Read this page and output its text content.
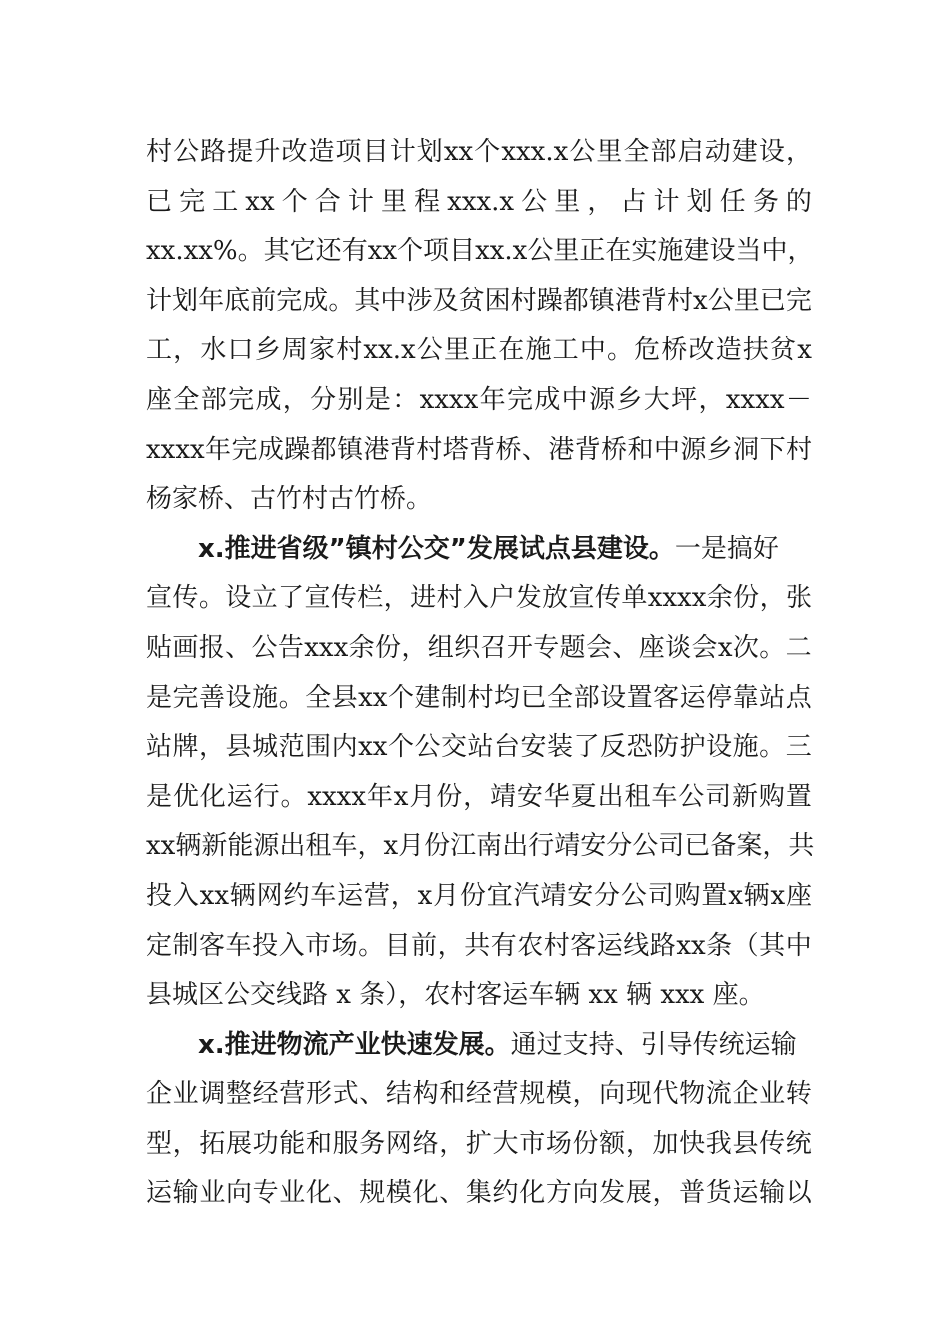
村 公 路 提 升 改 造 项 目 计 划 xx 个 xxx.x 公 里 全 部 启 动 建 设 ，
已 完 工 xx 个 合 计 里 程 xxx.x 公 里 ， 占 计 划 任 务 的
xx.xx% 。 其 它 还 有 xx 个 项 目 xx.x 公 里 正 在 实 施 建 设 当 中 ，
计 划 年 底 前 完 成 。 其 中 涉 及 贫 困 村 躁 都 镇 港 背 村 x 公 里 已 完
工 ， 水 口 乡 周 家 村 xx.x 公 里 正 在 施 工 中 。 危 桥 改 造 扶 贫 x
座 全 部 完 成 ， 分 别 是 ： xxxx 年 完 成 中 源 乡 大 坪 ， xxxx －
xxxx 年 完 成 躁 都 镇 港 背 村 塔 背 桥 、 港 背 桥 和 中 源 乡 洞 下 村
杨家桥、古竹村古竹桥。
x.推进省级”镇村公交”发展试点县建设。 一是搞好
宣 传 。 设 立 了 宣 传 栏 ， 进 村 入 户 发 放 宣 传 单 xxxx 余 份 ， 张
贴 画 报 、 公 告 xxx 余 份 ， 组 织 召 开 专 题 会 、 座 谈 会 x 次 。 二
是 完 善 设 施 。 全 县 xx 个 建 制 村 均 已 全 部 设 置 客 运 停 靠 站 点
站 牌 ， 县 城 范 围 内 xx 个 公 交 站 台 安 装 了 反 恐 防 护 设 施 。 三
是 优 化 运 行 。 xxxx 年 x 月 份 ， 靖 安 华 夏 出 租 车 公 司 新 购 置
xx 辆 新 能 源 出 租 车 ， x 月 份 江 南 出 行 靖 安 分 公 司 已 备 案 ， 共
投 入 xx 辆 网 约 车 运 营 ， x 月 份 宜 汽 靖 安 分 公 司 购 置 x 辆 x 座
定 制 客 车 投 入 市 场 。 目 前 ， 共 有 农 村 客 运 线 路 xx 条 （ 其 中
县城区公交线路 x 条），农村客运车辆 xx 辆 xxx 座。
x.推进物流产业快速发展。 通过支持、引导传统运输
企 业 调 整 经 营 形 式 、 结 构 和 经 营 规 模 ， 向 现 代 物 流 企 业 转
型 ， 拓 展 功 能 和 服 务 网 络 ， 扩 大 市 场 份 额 ， 加 快 我 县 传 统
运 输 业 向 专 业 化 、 规 模 化 、 集 约 化 方 向 发 展 ， 普 货 运 输 以
